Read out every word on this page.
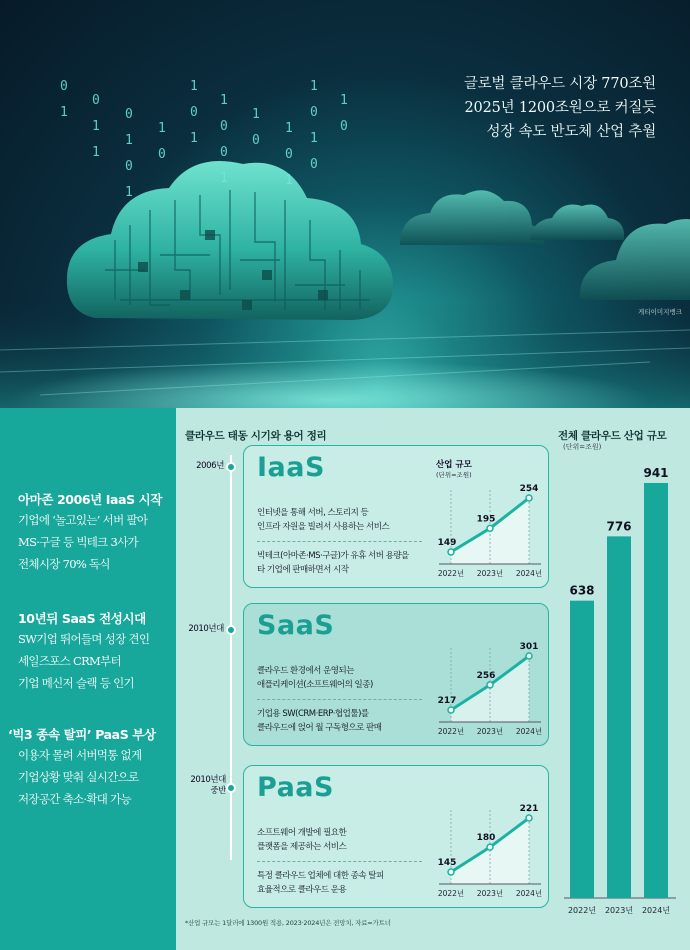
0
1
0
1
1
0
1
0
1
1
0
1
0
1
1
0
0
1
1
0
1
0
1
1
0
1
0
1
0
글로벌 클라우드 시장 770조원
2025년 1200조원으로 커질듯
성장 속도 반도체 산업 추월
게티이미지뱅크
아마존 2006년 IaaS 시작
기업에 ‘놀고있는’ 서버 팔아
MS·구글 등 빅테크 3사가
전체시장 70% 독식
10년뒤 SaaS 전성시대
SW기업 뛰어들며 성장 견인
세일즈포스 CRM부터
기업 메신저 슬랙 등 인기
‘빅3 종속 탈피’ PaaS 부상
이용자 몰려 서버먹통 없게
기업상황 맞춰 실시간으로
저장공간 축소·확대 가능
클라우드 태동 시기와 용어 정리	전체 클라우드 산업 규모
(단위=조원)
2006년
2010년대
2010년대 중반
IaaS
인터넷을 통해 서버, 스토리지 등
인프라 자원을 빌려서 사용하는 서비스
빅테크(아마존·MS·구글)가 유휴 서버 용량을
타 기업에 판매하면서 시작
산업 규모
(단위=조원)
149
2022년
195
2023년
254
2024년
SaaS
클라우드 환경에서 운영되는
애플리케이션(소프트웨어의 일종)
기업용 SW(CRM·ERP·협업툴)를
클라우드에 얹어 월 구독형으로 판매
217
2022년
256
2023년
301
2024년
PaaS
소프트웨어 개발에 필요한
플랫폼을 제공하는 서비스
특정 클라우드 업체에 대한 종속 탈피
효율적으로 클라우드 운용
145
2022년
180
2023년
221
2024년
638
2022년
776
2023년
941
2024년
*산업 규모는 1달러에 1300원 적용, 2023·2024년은 전망치, 자료=가트너
